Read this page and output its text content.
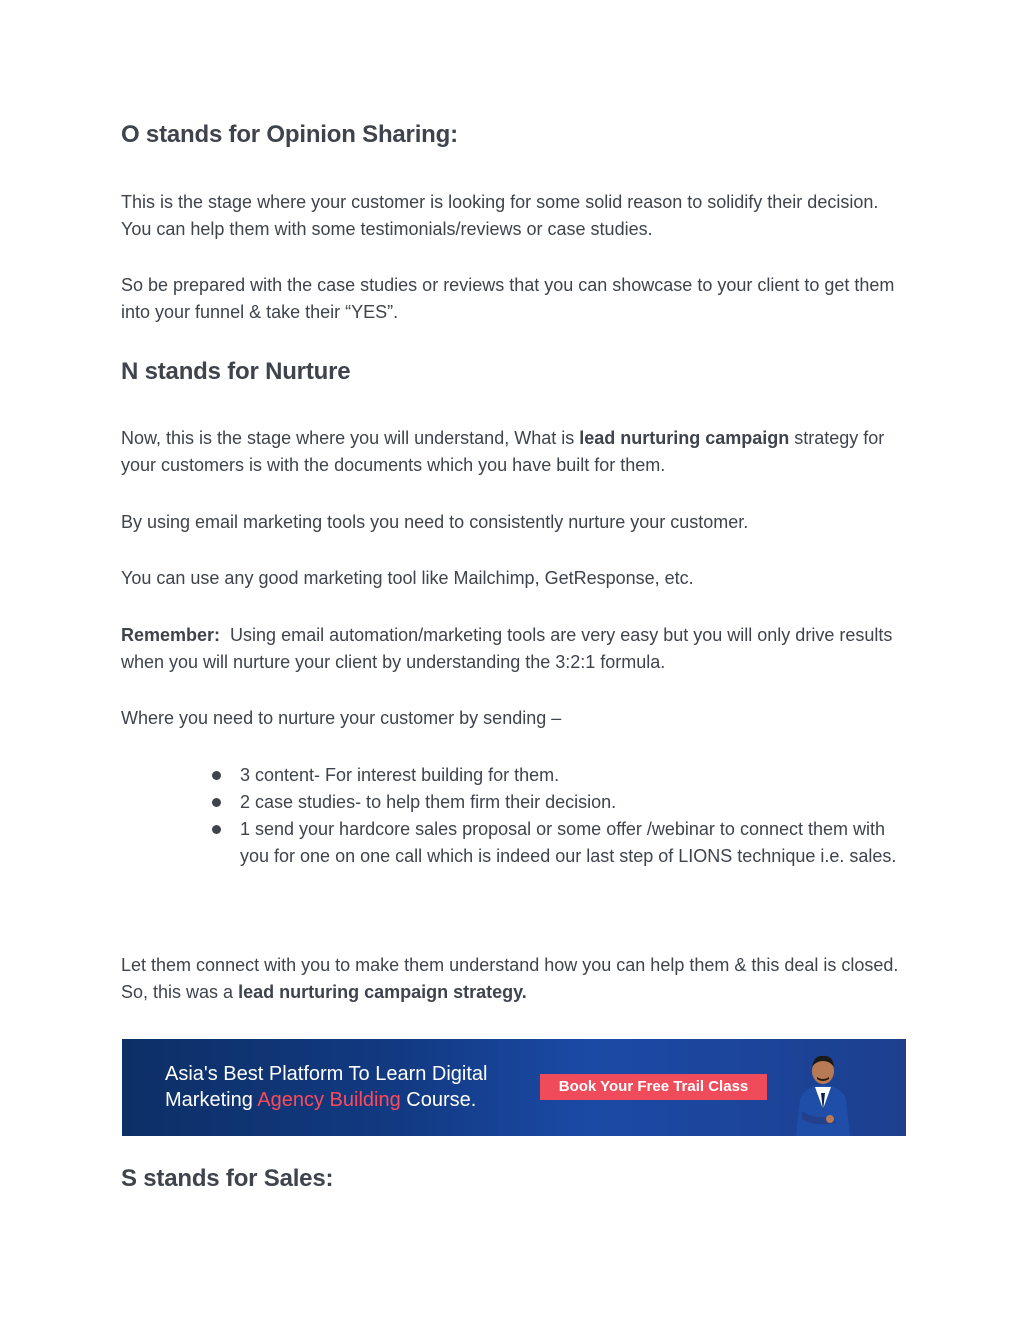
O stands for Opinion Sharing:

This is the stage where your customer is looking for some solid reason to solidify their decision. You can help them with some testimonials/reviews or case studies.

So be prepared with the case studies or reviews that you can showcase to your client to get them into your funnel & take their “YES”.

N stands for Nurture

Now, this is the stage where you will understand, What is lead nurturing campaign strategy for your customers is with the documents which you have built for them.

By using email marketing tools you need to consistently nurture your customer.

You can use any good marketing tool like Mailchimp, GetResponse, etc.

Remember:  Using email automation/marketing tools are very easy but you will only drive results when you will nurture your client by understanding the 3:2:1 formula.

Where you need to nurture your customer by sending –

3 content- For interest building for them.
2 case studies- to help them firm their decision.
1 send your hardcore sales proposal or some offer /webinar to connect them with you for one on one call which is indeed our last step of LIONS technique i.e. sales.

Let them connect with you to make them understand how you can help them & this deal is closed. So, this was a lead nurturing campaign strategy.

Asia's Best Platform To Learn Digital
Marketing Agency Building Course.
Book Your Free Trail Class
S stands for Sales:
